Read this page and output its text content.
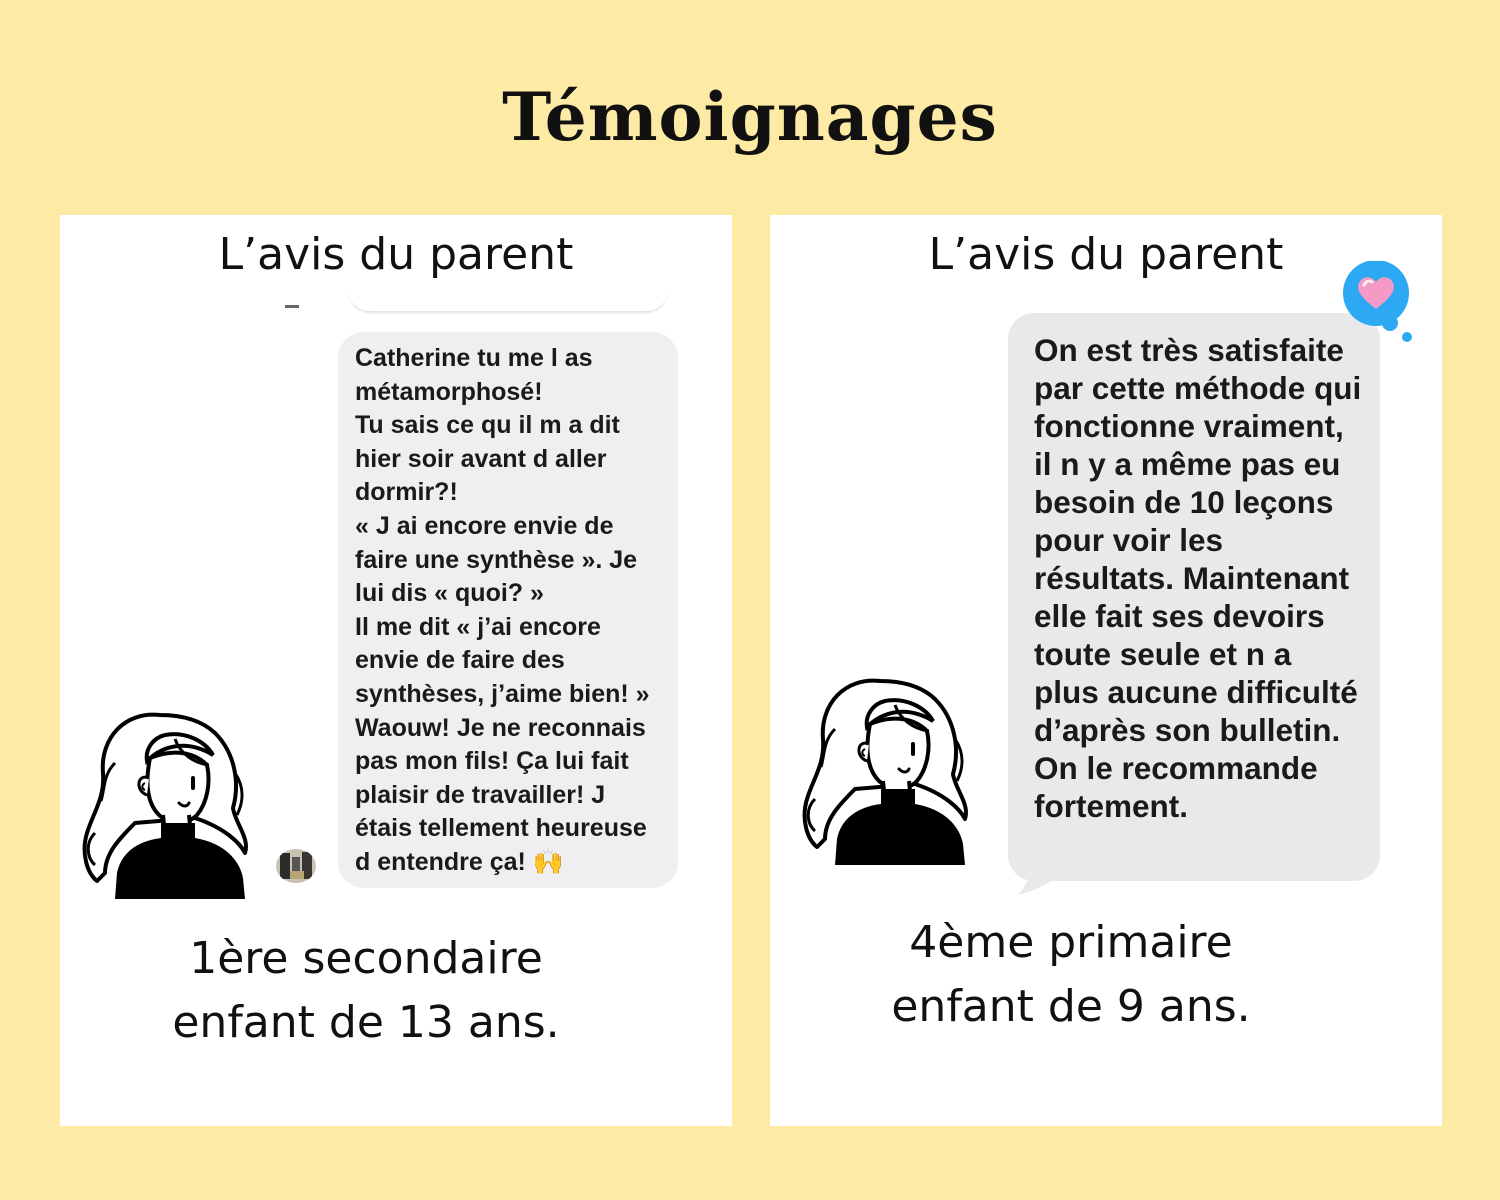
Témoignages
L’avis du parent
Catherine tu me l as métamorphosé!
Tu sais ce qu il m a dit hier soir avant d aller dormir?!
« J ai encore envie de faire une synthèse ». Je lui dis « quoi? »
Il me dit « j’ai encore envie de faire des synthèses, j’aime bien! »
Waouw! Je ne reconnais pas mon fils! Ça lui fait plaisir de travailler! J étais tellement heureuse d entendre ça! 🙌
1ère secondaire
enfant de 13 ans.
L’avis du parent
On est très satisfaite par cette méthode qui fonctionne vraiment, il n y a même pas eu besoin de 10 leçons pour voir les résultats. Maintenant elle fait ses devoirs toute seule et n a plus aucune difficulté d’après son bulletin.
On le recommande fortement.
4ème primaire
enfant de 9 ans.
